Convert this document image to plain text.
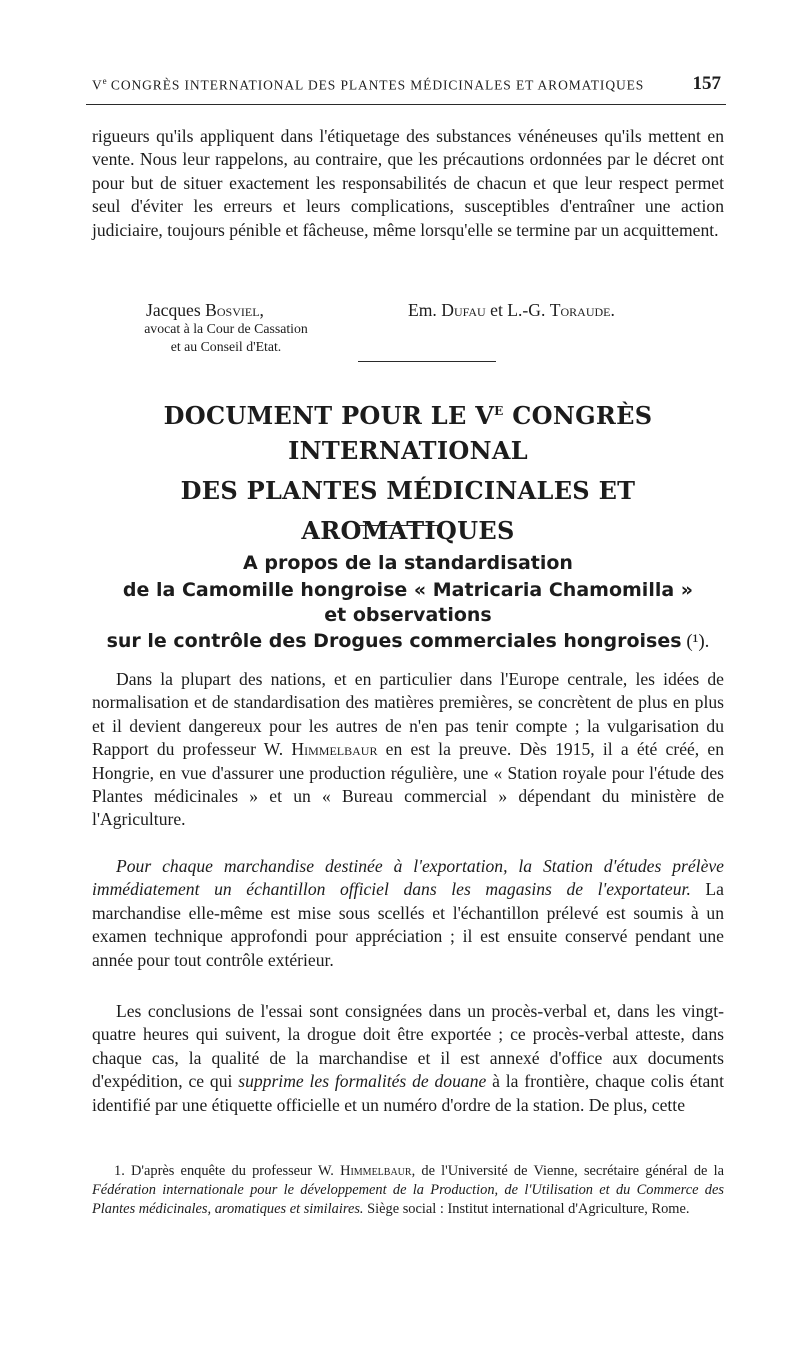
Ve CONGRÈS INTERNATIONAL DES PLANTES MÉDICINALES ET AROMATIQUES	157

rigueurs qu'ils appliquent dans l'étiquetage des substances vénéneuses qu'ils mettent en vente. Nous leur rappelons, au contraire, que les précautions ordonnées par le décret ont pour but de situer exactement les responsabilités de chacun et que leur respect permet seul d'éviter les erreurs et leurs complications, susceptibles d'entraîner une action judiciaire, toujours pénible et fâcheuse, même lorsqu'elle se termine par un acquittement.

Jacques Bosviel,	Em. Dufau et L.-G. Toraude.
avocat à la Cour de Cassation
et au Conseil d'Etat.
DOCUMENT POUR LE $V^E$ CONGRÈS
INTERNATIONAL
DES PLANTES MÉDICINALES ET AROMATIQUES
A propos de la standardisation
de la Camomille hongroise « Matricaria Chamomilla »
et observations
sur le contrôle des Drogues commerciales hongroises (¹).

Dans la plupart des nations, et en particulier dans l'Europe centrale, les idées de normalisation et de standardisation des matières premières, se concrètent de plus en plus et il devient dangereux pour les autres de n'en pas tenir compte ; la vulgarisation du Rapport du professeur W. Himmelbaur en est la preuve. Dès 1915, il a été créé, en Hongrie, en vue d'assurer une production régulière, une « Station royale pour l'étude des Plantes médicinales » et un « Bureau commercial » dépendant du ministère de l'Agriculture.

Pour chaque marchandise destinée à l'exportation, la Station d'études prélève immédiatement un échantillon officiel dans les magasins de l'exportateur. La marchandise elle-même est mise sous scellés et l'échantillon prélevé est soumis à un examen technique approfondi pour appréciation ; il est ensuite conservé pendant une année pour tout contrôle extérieur.

Les conclusions de l'essai sont consignées dans un procès-verbal et, dans les vingt-quatre heures qui suivent, la drogue doit être exportée ; ce procès-verbal atteste, dans chaque cas, la qualité de la marchandise et il est annexé d'office aux documents d'expédition, ce qui supprime les formalités de douane à la frontière, chaque colis étant identifié par une étiquette officielle et un numéro d'ordre de la station. De plus, cette

1. D'après enquête du professeur W. Himmelbaur, de l'Université de Vienne, secrétaire général de la Fédération internationale pour le développement de la Production, de l'Utilisation et du Commerce des Plantes médicinales, aromatiques et similaires. Siège social : Institut international d'Agriculture, Rome.
